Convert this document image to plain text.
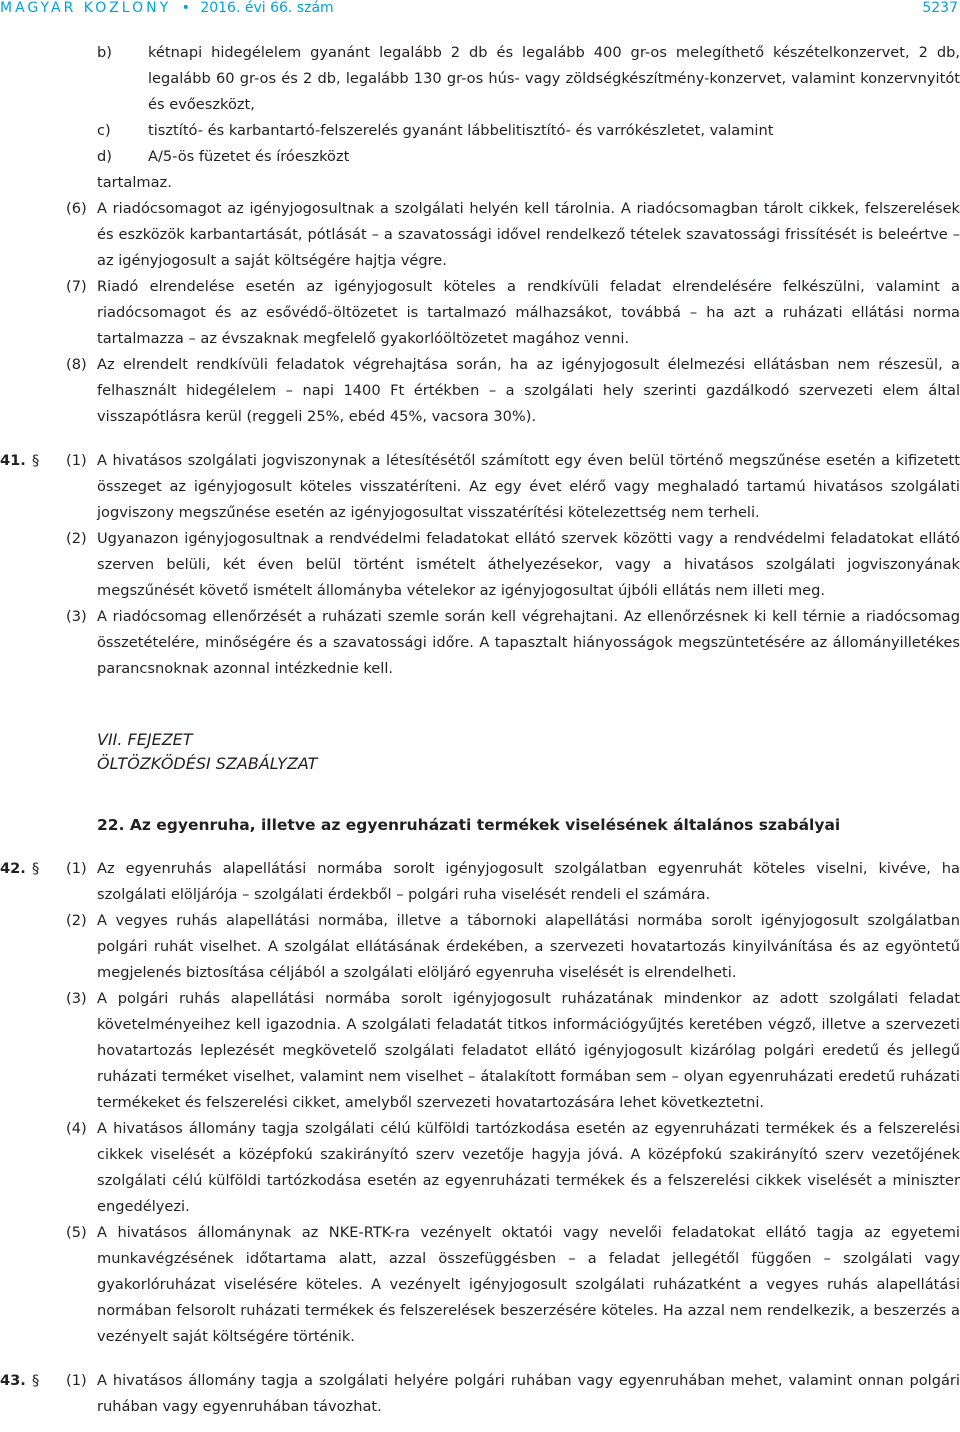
MAGYAR KÖZLÖNY • 2016. évi 66. szám	5237
b) kétnapi hidegélelem gyanánt legalább 2 db és legalább 400 gr-os melegíthető készételkonzervet, 2 db, legalább 60 gr-os és 2 db, legalább 130 gr-os hús- vagy zöldségkészítmény-konzervet, valamint konzervnyitót és evőeszközt,
c)	tisztító- és karbantartó-felszerelés gyanánt lábbelitisztító- és varrókészletet, valamint
d) A/5-ös füzetet és íróeszközt
tartalmaz.
(6) A riadócsomagot az igényjogosultnak a szolgálati helyén kell tárolnia. A riadócsomagban tárolt cikkek, felszerelések és eszközök karbantartását, pótlását – a szavatossági idővel rendelkező tételek szavatossági frissítését is beleértve – az igényjogosult a saját költségére hajtja végre.
(7) Riadó elrendelése esetén az igényjogosult köteles a rendkívüli feladat elrendelésére felkészülni, valamint a riadócsomagot és az esővédő-öltözetet is tartalmazó málhazsákot, továbbá – ha azt a ruházati ellátási norma tartalmazza – az évszaknak megfelelő gyakorlóöltözetet magához venni.
(8) Az elrendelt rendkívüli feladatok végrehajtása során, ha az igényjogosult élelmezési ellátásban nem részesül, a felhasznált hidegélelem – napi 1400 Ft értékben – a szolgálati hely szerinti gazdálkodó szervezeti elem által visszapótlásra kerül (reggeli 25%, ebéd 45%, vacsora 30%).
41. § (1) A hivatásos szolgálati jogviszonynak a létesítésétől számított egy éven belül történő megszűnése esetén a kifizetett összeget az igényjogosult köteles visszatéríteni. Az egy évet elérő vagy meghaladó tartamú hivatásos szolgálati jogviszony megszűnése esetén az igényjogosultat visszatérítési kötelezettség nem terheli.
(2) Ugyanazon igényjogosultnak a rendvédelmi feladatokat ellátó szervek közötti vagy a rendvédelmi feladatokat ellátó szerven belüli, két éven belül történt ismételt áthelyezésekor, vagy a hivatásos szolgálati jogviszonyának megszűnését követő ismételt állományba vételekor az igényjogosultat újbóli ellátás nem illeti meg.
(3) A riadócsomag ellenőrzését a ruházati szemle során kell végrehajtani. Az ellenőrzésnek ki kell térnie a riadócsomag összetételére, minőségére és a szavatossági időre. A tapasztalt hiányosságok megszüntetésére az állományilletékes parancsnoknak azonnal intézkednie kell.
VII. FEJEZET
ÖLTÖZKÖDÉSI SZABÁLYZAT
22. Az egyenruha, illetve az egyenruházati termékek viselésének általános szabályai
42. § (1) Az egyenruhás alapellátási normába sorolt igényjogosult szolgálatban egyenruhát köteles viselni, kivéve, ha szolgálati elöljárója – szolgálati érdekből – polgári ruha viselését rendeli el számára.
(2) A vegyes ruhás alapellátási normába, illetve a tábornoki alapellátási normába sorolt igényjogosult szolgálatban polgári ruhát viselhet. A szolgálat ellátásának érdekében, a szervezeti hovatartozás kinyilvánítása és az egyöntetű megjelenés biztosítása céljából a szolgálati elöljáró egyenruha viselését is elrendelheti.
(3) A polgári ruhás alapellátási normába sorolt igényjogosult ruházatának mindenkor az adott szolgálati feladat követelményeihez kell igazodnia. A szolgálati feladatát titkos információgyűjtés keretében végző, illetve a szervezeti hovatartozás leplezését megkövetelő szolgálati feladatot ellátó igényjogosult kizárólag polgári eredetű és jellegű ruházati terméket viselhet, valamint nem viselhet – átalakított formában sem – olyan egyenruházati eredetű ruházati termékeket és felszerelési cikket, amelyből szervezeti hovatartozására lehet következtetni.
(4) A hivatásos állomány tagja szolgálati célú külföldi tartózkodása esetén az egyenruházati termékek és a felszerelési cikkek viselését a középfokú szakirányító szerv vezetője hagyja jóvá. A középfokú szakirányító szerv vezetőjének szolgálati célú külföldi tartózkodása esetén az egyenruházati termékek és a felszerelési cikkek viselését a miniszter engedélyezi.
(5) A hivatásos állománynak az NKE-RTK-ra vezényelt oktatói vagy nevelői feladatokat ellátó tagja az egyetemi munkavégzésének időtartama alatt, azzal összefüggésben – a feladat jellegétől függően – szolgálati vagy gyakorlóruházat viselésére köteles. A vezényelt igényjogosult szolgálati ruházatként a vegyes ruhás alapellátási normában felsorolt ruházati termékek és felszerelések beszerzésére köteles. Ha azzal nem rendelkezik, a beszerzés a vezényelt saját költségére történik.
43. § (1) A hivatásos állomány tagja a szolgálati helyére polgári ruhában vagy egyenruhában mehet, valamint onnan polgári ruhában vagy egyenruhában távozhat.
